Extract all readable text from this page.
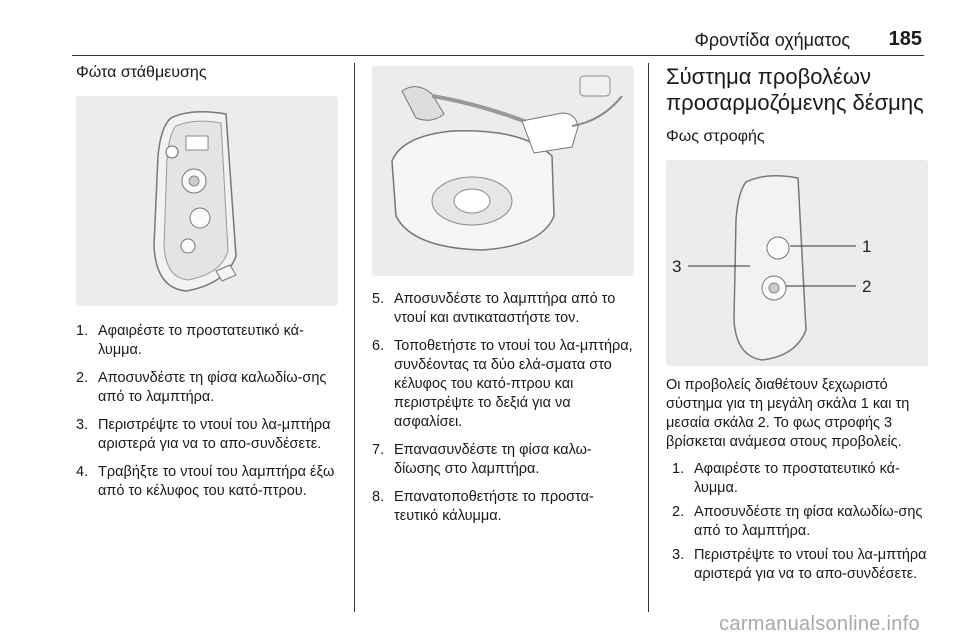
Φροντίδα οχήματος 185
Φώτα στάθμευσης
1. Αφαιρέστε το προστατευτικό κά-λυμμα.
2. Αποσυνδέστε τη φίσα καλωδίω-σης από το λαμπτήρα.
3. Περιστρέψτε το ντουί του λα-μπτήρα αριστερά για να το απο-συνδέσετε.
4. Τραβήξτε το ντουί του λαμπτήρα έξω από το κέλυφος του κατό-πτρου.
5. Αποσυνδέστε το λαμπτήρα από το ντουί και αντικαταστήστε τον.
6. Τοποθετήστε το ντουί του λα-μπτήρα, συνδέοντας τα δύο ελά-σματα στο κέλυφος του κατό-πτρου και περιστρέψτε το δεξιά για να ασφαλίσει.
7. Επανασυνδέστε τη φίσα καλω-δίωσης στο λαμπτήρα.
8. Επανατοποθετήστε το προστα-τευτικό κάλυμμα.
Σύστημα προβολέων
προσαρμοζόμενης δέσμης
Φως στροφής
1
2
3

Οι προβολείς διαθέτουν ξεχωριστό σύστημα για τη μεγάλη σκάλα 1 και τη μεσαία σκάλα 2. Το φως στροφής 3 βρίσκεται ανάμεσα στους προβολείς.

1. Αφαιρέστε το προστατευτικό κά-λυμμα.
2. Αποσυνδέστε τη φίσα καλωδίω-σης από το λαμπτήρα.
3. Περιστρέψτε το ντουί του λα-μπτήρα αριστερά για να το απο-συνδέσετε.
carmanualsonline.info
